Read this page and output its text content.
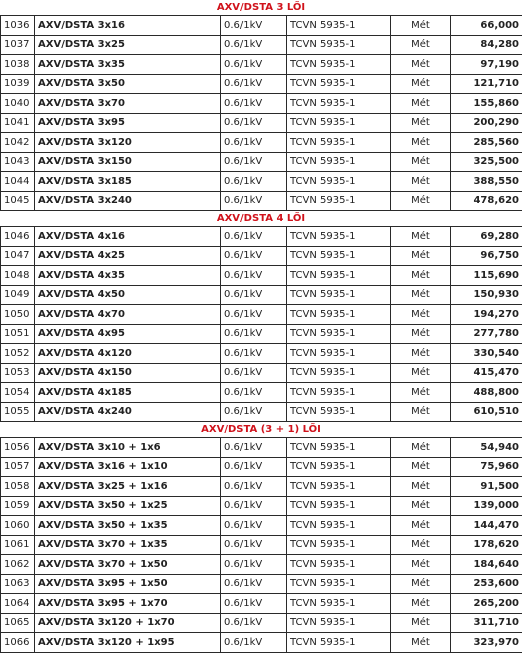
AXV/DSTA 3 LÕI
1036	AXV/DSTA 3x16	0.6/1kV	TCVN 5935-1	Mét	66,000
1037	AXV/DSTA 3x25	0.6/1kV	TCVN 5935-1	Mét	84,280
1038	AXV/DSTA 3x35	0.6/1kV	TCVN 5935-1	Mét	97,190
1039	AXV/DSTA 3x50	0.6/1kV	TCVN 5935-1	Mét	121,710
1040	AXV/DSTA 3x70	0.6/1kV	TCVN 5935-1	Mét	155,860
1041	AXV/DSTA 3x95	0.6/1kV	TCVN 5935-1	Mét	200,290
1042	AXV/DSTA 3x120	0.6/1kV	TCVN 5935-1	Mét	285,560
1043	AXV/DSTA 3x150	0.6/1kV	TCVN 5935-1	Mét	325,500
1044	AXV/DSTA 3x185	0.6/1kV	TCVN 5935-1	Mét	388,550
1045	AXV/DSTA 3x240	0.6/1kV	TCVN 5935-1	Mét	478,620
AXV/DSTA 4 LÕI
1046	AXV/DSTA 4x16	0.6/1kV	TCVN 5935-1	Mét	69,280
1047	AXV/DSTA 4x25	0.6/1kV	TCVN 5935-1	Mét	96,750
1048	AXV/DSTA 4x35	0.6/1kV	TCVN 5935-1	Mét	115,690
1049	AXV/DSTA 4x50	0.6/1kV	TCVN 5935-1	Mét	150,930
1050	AXV/DSTA 4x70	0.6/1kV	TCVN 5935-1	Mét	194,270
1051	AXV/DSTA 4x95	0.6/1kV	TCVN 5935-1	Mét	277,780
1052	AXV/DSTA 4x120	0.6/1kV	TCVN 5935-1	Mét	330,540
1053	AXV/DSTA 4x150	0.6/1kV	TCVN 5935-1	Mét	415,470
1054	AXV/DSTA 4x185	0.6/1kV	TCVN 5935-1	Mét	488,800
1055	AXV/DSTA 4x240	0.6/1kV	TCVN 5935-1	Mét	610,510
AXV/DSTA (3 + 1) LÕI
1056	AXV/DSTA 3x10 + 1x6	0.6/1kV	TCVN 5935-1	Mét	54,940
1057	AXV/DSTA 3x16 + 1x10	0.6/1kV	TCVN 5935-1	Mét	75,960
1058	AXV/DSTA 3x25 + 1x16	0.6/1kV	TCVN 5935-1	Mét	91,500
1059	AXV/DSTA 3x50 + 1x25	0.6/1kV	TCVN 5935-1	Mét	139,000
1060	AXV/DSTA 3x50 + 1x35	0.6/1kV	TCVN 5935-1	Mét	144,470
1061	AXV/DSTA 3x70 + 1x35	0.6/1kV	TCVN 5935-1	Mét	178,620
1062	AXV/DSTA 3x70 + 1x50	0.6/1kV	TCVN 5935-1	Mét	184,640
1063	AXV/DSTA 3x95 + 1x50	0.6/1kV	TCVN 5935-1	Mét	253,600
1064	AXV/DSTA 3x95 + 1x70	0.6/1kV	TCVN 5935-1	Mét	265,200
1065	AXV/DSTA 3x120 + 1x70	0.6/1kV	TCVN 5935-1	Mét	311,710
1066	AXV/DSTA 3x120 + 1x95	0.6/1kV	TCVN 5935-1	Mét	323,970
